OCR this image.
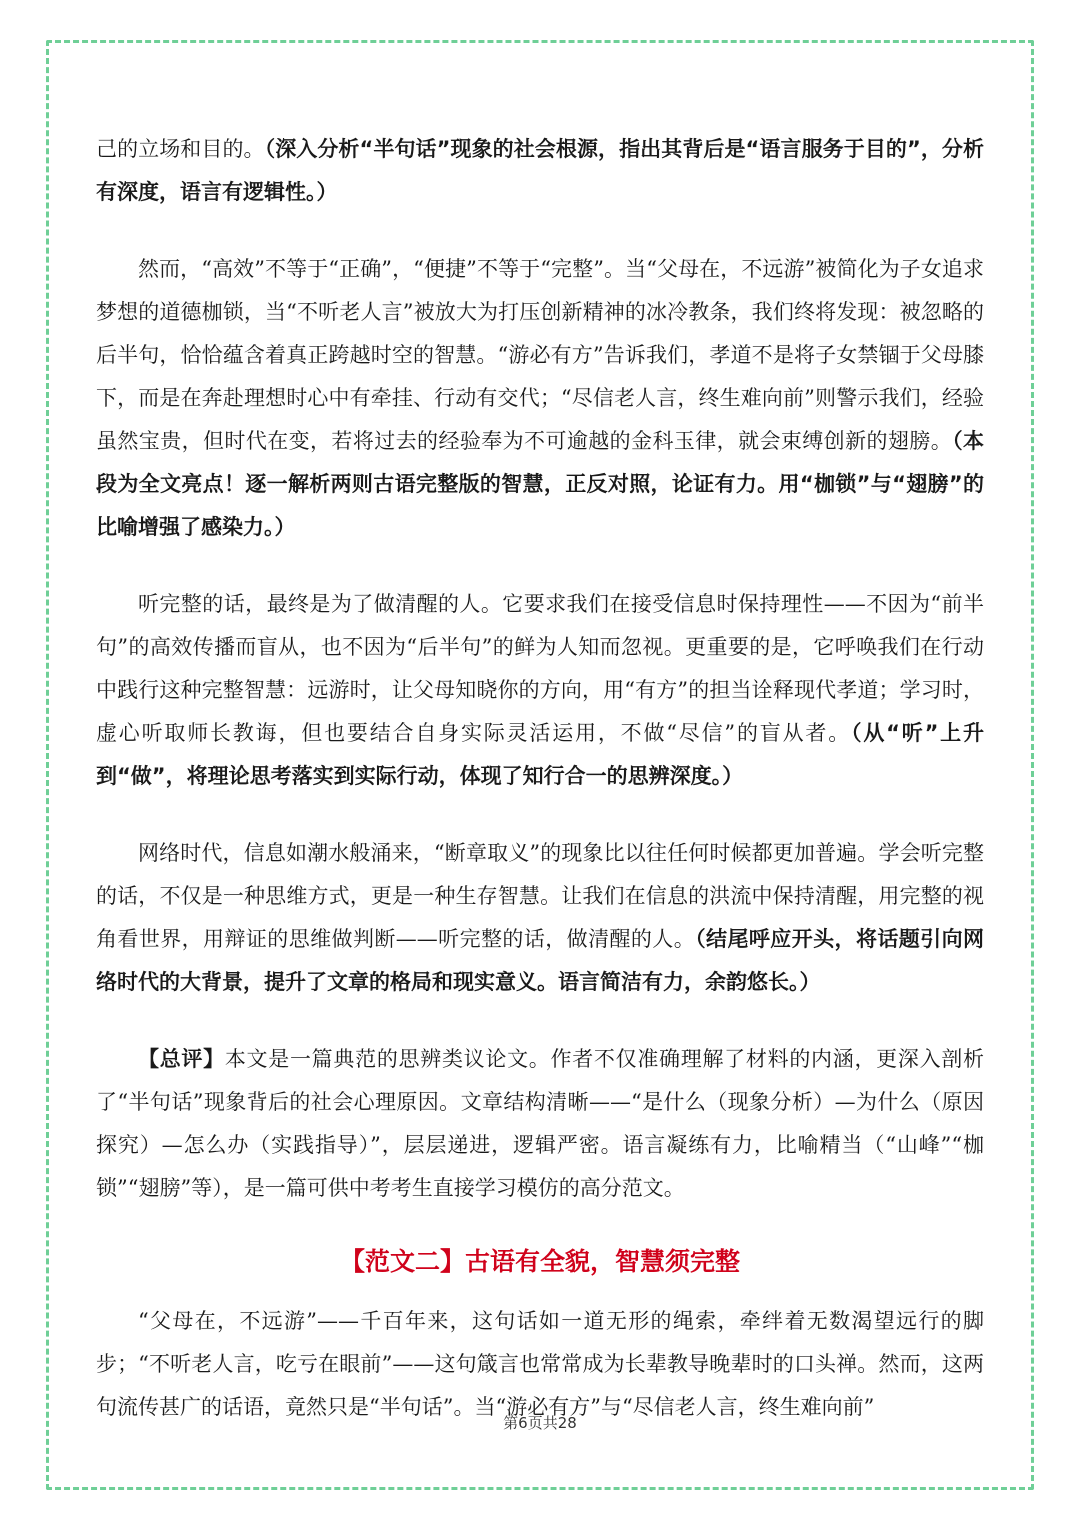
己的立场和目的。（深入分析“半句话”现象的社会根源，指出其背后是“语言服务于目的”，分析有深度，语言有逻辑性。）

然而，“高效”不等于“正确”，“便捷”不等于“完整”。当“父母在，不远游”被简化为子女追求梦想的道德枷锁，当“不听老人言”被放大为打压创新精神的冰冷教条，我们终将发现：被忽略的后半句，恰恰蕴含着真正跨越时空的智慧。“游必有方”告诉我们，孝道不是将子女禁锢于父母膝下，而是在奔赴理想时心中有牵挂、行动有交代；“尽信老人言，终生难向前”则警示我们，经验虽然宝贵，但时代在变，若将过去的经验奉为不可逾越的金科玉律，就会束缚创新的翅膀。（本段为全文亮点！逐一解析两则古语完整版的智慧，正反对照，论证有力。用“枷锁”与“翅膀”的比喻增强了感染力。）

听完整的话，最终是为了做清醒的人。它要求我们在接受信息时保持理性——不因为“前半句”的高效传播而盲从，也不因为“后半句”的鲜为人知而忽视。更重要的是，它呼唤我们在行动中践行这种完整智慧：远游时，让父母知晓你的方向，用“有方”的担当诠释现代孝道；学习时，虚心听取师长教诲，但也要结合自身实际灵活运用，不做“尽信”的盲从者。（从“听”上升到“做”，将理论思考落实到实际行动，体现了知行合一的思辨深度。）

网络时代，信息如潮水般涌来，“断章取义”的现象比以往任何时候都更加普遍。学会听完整的话，不仅是一种思维方式，更是一种生存智慧。让我们在信息的洪流中保持清醒，用完整的视角看世界，用辩证的思维做判断——听完整的话，做清醒的人。（结尾呼应开头，将话题引向网络时代的大背景，提升了文章的格局和现实意义。语言简洁有力，余韵悠长。）

【总评】本文是一篇典范的思辨类议论文。作者不仅准确理解了材料的内涵，更深入剖析了“半句话”现象背后的社会心理原因。文章结构清晰——“是什么（现象分析）—为什么（原因探究）—怎么办（实践指导）”，层层递进，逻辑严密。语言凝练有力，比喻精当（“山峰”“枷锁”“翅膀”等），是一篇可供中考考生直接学习模仿的高分范文。

【范文二】古语有全貌，智慧须完整

“父母在，不远游”——千百年来，这句话如一道无形的绳索，牵绊着无数渴望远行的脚步；“不听老人言，吃亏在眼前”——这句箴言也常常成为长辈教导晚辈时的口头禅。然而，这两句流传甚广的话语，竟然只是“半句话”。当“游必有方”与“尽信老人言，终生难向前”

第6页共28
